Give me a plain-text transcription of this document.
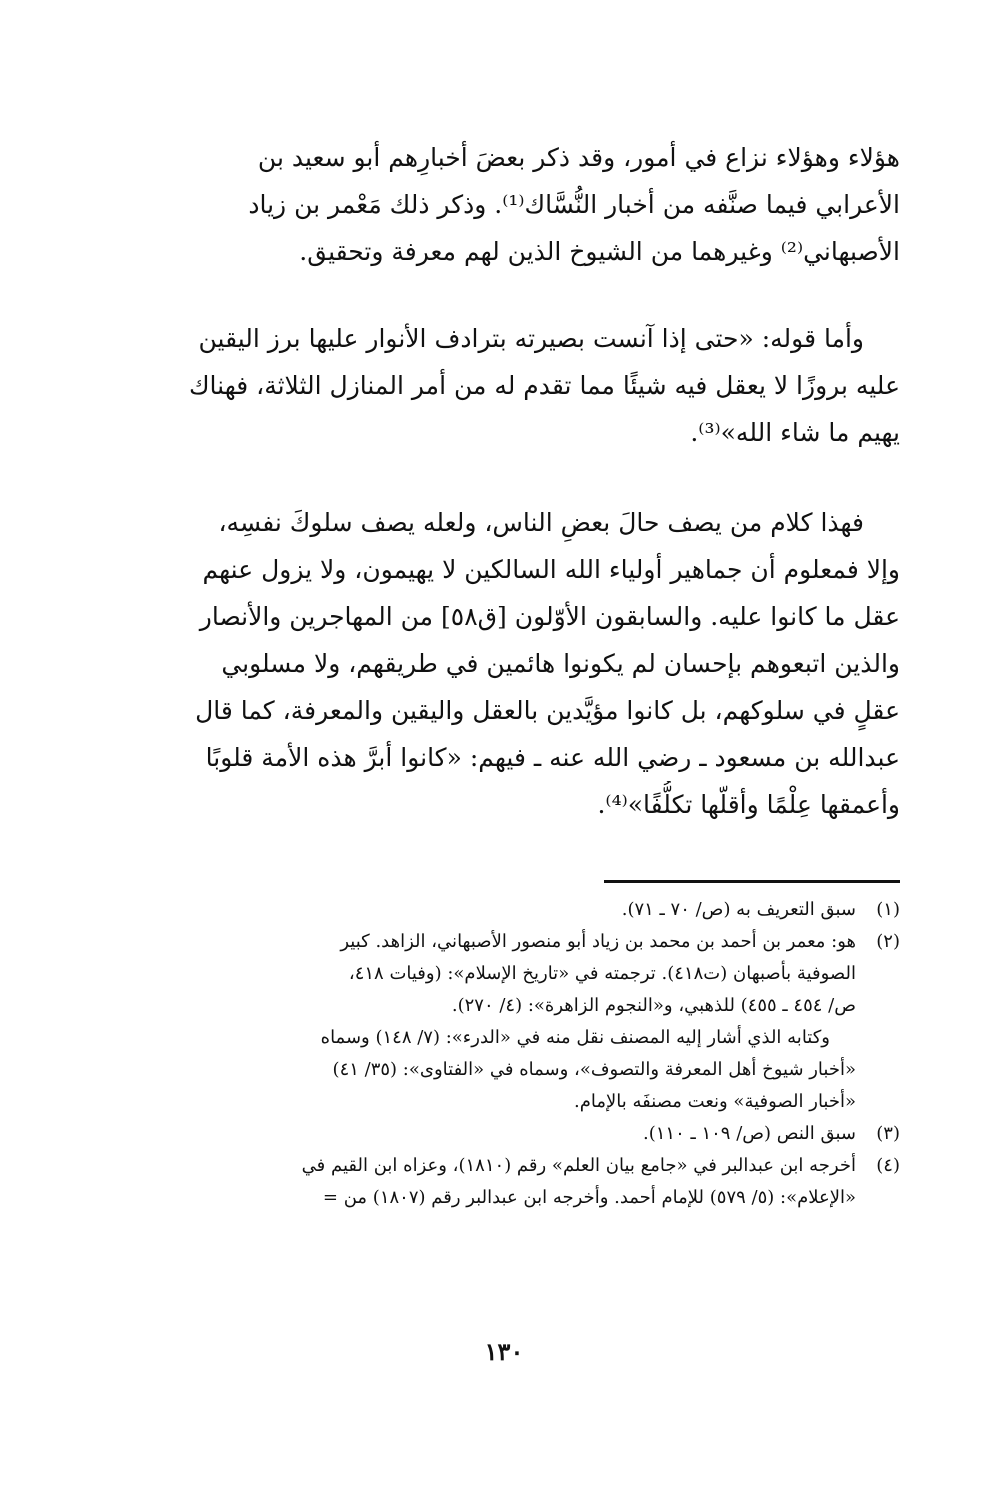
هؤلاء وهؤلاء نزاع في أمور، وقد ذكر بعضَ أخبارِهم أبو سعيد بن
الأعرابي فيما صنَّفه من أخبار النُّسَّاك⁽¹⁾. وذكر ذلك مَعْمر بن زياد
الأصبهاني⁽²⁾ وغيرهما من الشيوخ الذين لهم معرفة وتحقيق.
وأما قوله: «حتى إذا آنست بصيرته بترادف الأنوار عليها برز اليقين
عليه بروزًا لا يعقل فيه شيئًا مما تقدم له من أمر المنازل الثلاثة، فهناك
يهيم ما شاء الله»⁽³⁾.
فهذا كلام من يصف حالَ بعضِ الناس، ولعله يصف سلوكَ نفسِه،
وإلا فمعلوم أن جماهير أولياء الله السالكين لا يهيمون، ولا يزول عنهم
عقل ما كانوا عليه. والسابقون الأوّلون [ق٥٨] من المهاجرين والأنصار
والذين اتبعوهم بإحسان لم يكونوا هائمين في طريقهم، ولا مسلوبي
عقلٍ في سلوكهم، بل كانوا مؤيَّدين بالعقل واليقين والمعرفة، كما قال
عبدالله بن مسعود ـ رضي الله عنه ـ فيهم: «كانوا أبرَّ هذه الأمة قلوبًا
وأعمقها عِلْمًا وأقلّها تكلُّفًا»⁽⁴⁾.
(١)سبق التعريف به (ص/ ٧٠ ـ ٧١).
(٢)هو: معمر بن أحمد بن محمد بن زياد أبو منصور الأصبهاني، الزاهد. كبير
الصوفية بأصبهان (ت٤١٨). ترجمته في «تاريخ الإسلام»: (وفيات ٤١٨،
ص/ ٤٥٤ ـ ٤٥٥) للذهبي، و«النجوم الزاهرة»: (٤/ ٢٧٠).
وكتابه الذي أشار إليه المصنف نقل منه في «الدرء»: (٧/ ١٤٨) وسماه
«أخبار شيوخ أهل المعرفة والتصوف»، وسماه في «الفتاوى»: (٣٥/ ٤١)
«أخبار الصوفية» ونعت مصنفَه بالإمام.
(٣)سبق النص (ص/ ١٠٩ ـ ١١٠).
(٤)أخرجه ابن عبدالبر في «جامع بيان العلم» رقم (١٨١٠)، وعزاه ابن القيم في
«الإعلام»: (٥/ ٥٧٩) للإمام أحمد. وأخرجه ابن عبدالبر رقم (١٨٠٧) من =
١٣٠
